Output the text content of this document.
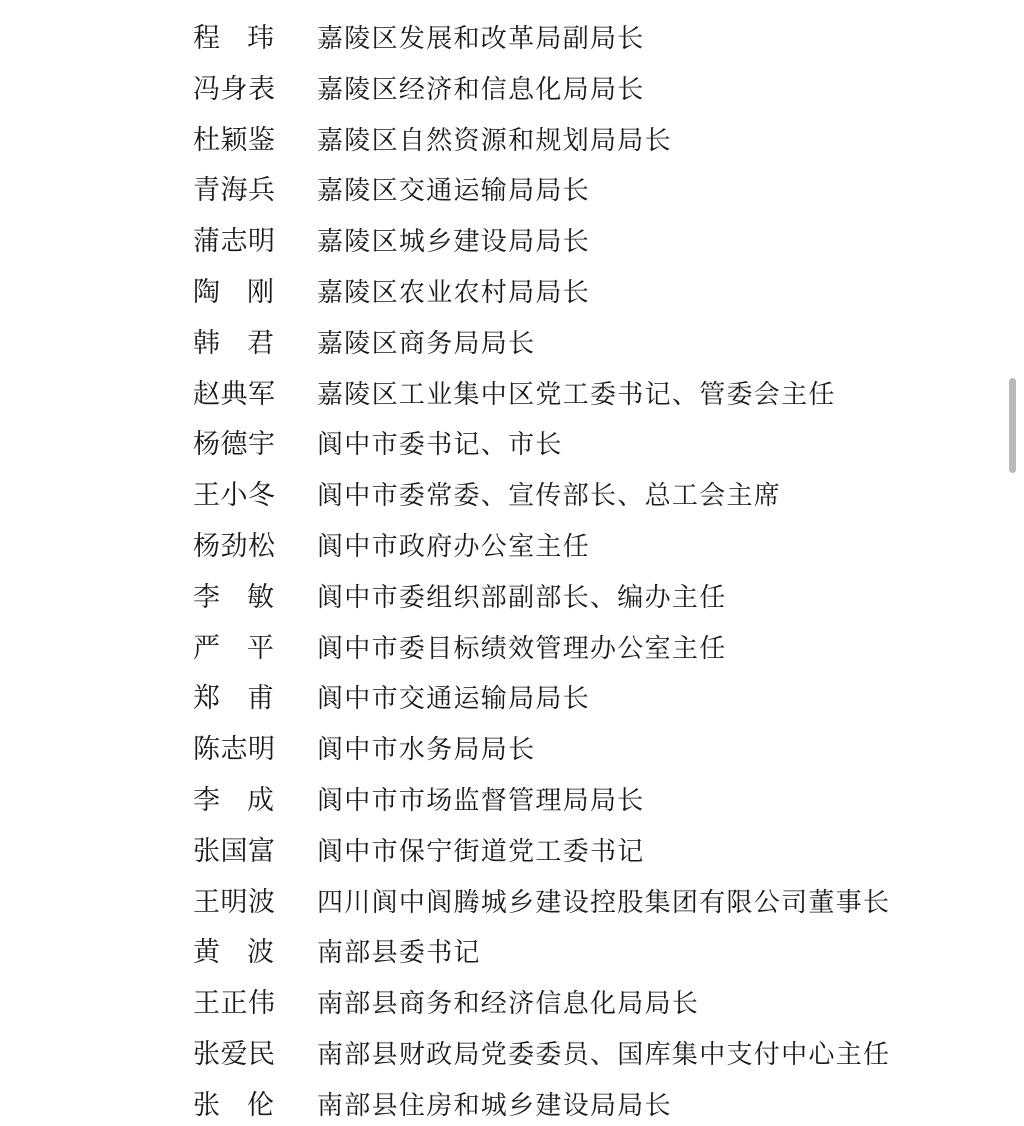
程 玮 嘉陵区发展和改革局副局长
冯身表 嘉陵区经济和信息化局局长
杜颖鉴 嘉陵区自然资源和规划局局长
青海兵 嘉陵区交通运输局局长
蒲志明 嘉陵区城乡建设局局长
陶 刚 嘉陵区农业农村局局长
韩 君 嘉陵区商务局局长
赵典军 嘉陵区工业集中区党工委书记、管委会主任
杨德宇 阆中市委书记、市长
王小冬 阆中市委常委、宣传部长、总工会主席
杨劲松 阆中市政府办公室主任
李 敏 阆中市委组织部副部长、编办主任
严 平 阆中市委目标绩效管理办公室主任
郑 甫 阆中市交通运输局局长
陈志明 阆中市水务局局长
李 成 阆中市市场监督管理局局长
张国富 阆中市保宁街道党工委书记
王明波 四川阆中阆腾城乡建设控股集团有限公司董事长
黄 波 南部县委书记
王正伟 南部县商务和经济信息化局局长
张爱民 南部县财政局党委委员、国库集中支付中心主任
张 伦 南部县住房和城乡建设局局长
